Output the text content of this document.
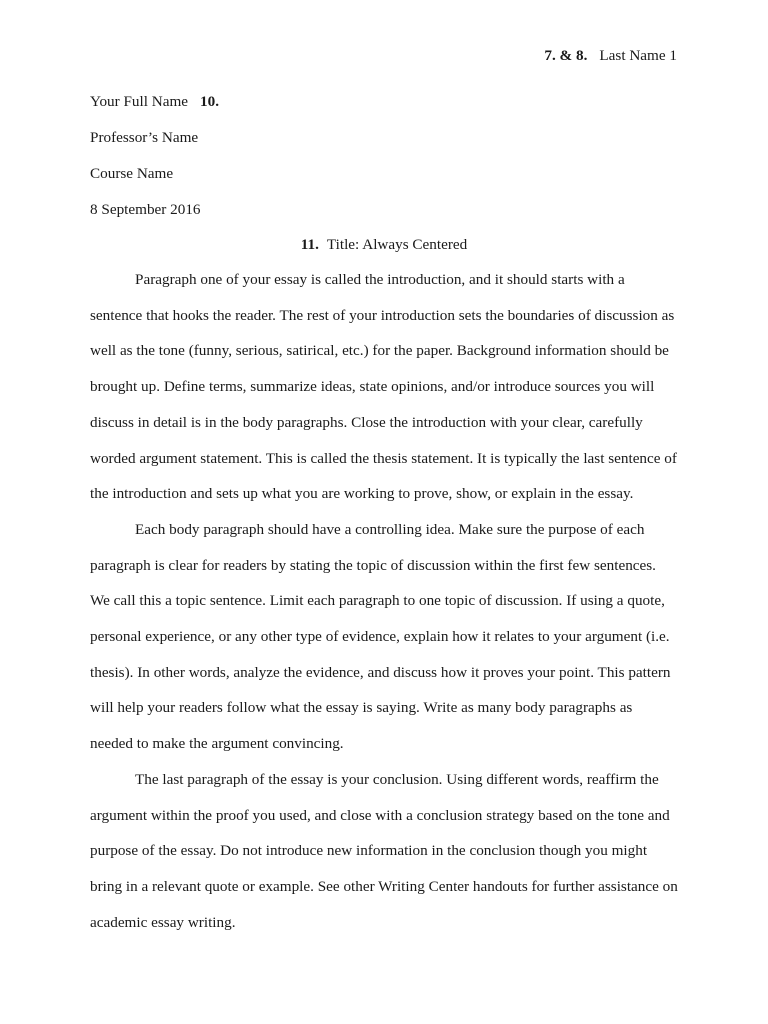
7. & 8. Last Name 1
Your Full Name 10.
Professor’s Name
Course Name
8 September 2016
11. Title: Always Centered

Paragraph one of your essay is called the introduction, and it should starts with a sentence that hooks the reader. The rest of your introduction sets the boundaries of discussion as well as the tone (funny, serious, satirical, etc.) for the paper. Background information should be brought up. Define terms, summarize ideas, state opinions, and/or introduce sources you will discuss in detail is in the body paragraphs. Close the introduction with your clear, carefully worded argument statement. This is called the thesis statement. It is typically the last sentence of the introduction and sets up what you are working to prove, show, or explain in the essay.

Each body paragraph should have a controlling idea. Make sure the purpose of each paragraph is clear for readers by stating the topic of discussion within the first few sentences. We call this a topic sentence. Limit each paragraph to one topic of discussion. If using a quote, personal experience, or any other type of evidence, explain how it relates to your argument (i.e. thesis). In other words, analyze the evidence, and discuss how it proves your point. This pattern will help your readers follow what the essay is saying. Write as many body paragraphs as needed to make the argument convincing.

The last paragraph of the essay is your conclusion. Using different words, reaffirm the argument within the proof you used, and close with a conclusion strategy based on the tone and purpose of the essay. Do not introduce new information in the conclusion though you might bring in a relevant quote or example. See other Writing Center handouts for further assistance on academic essay writing.
